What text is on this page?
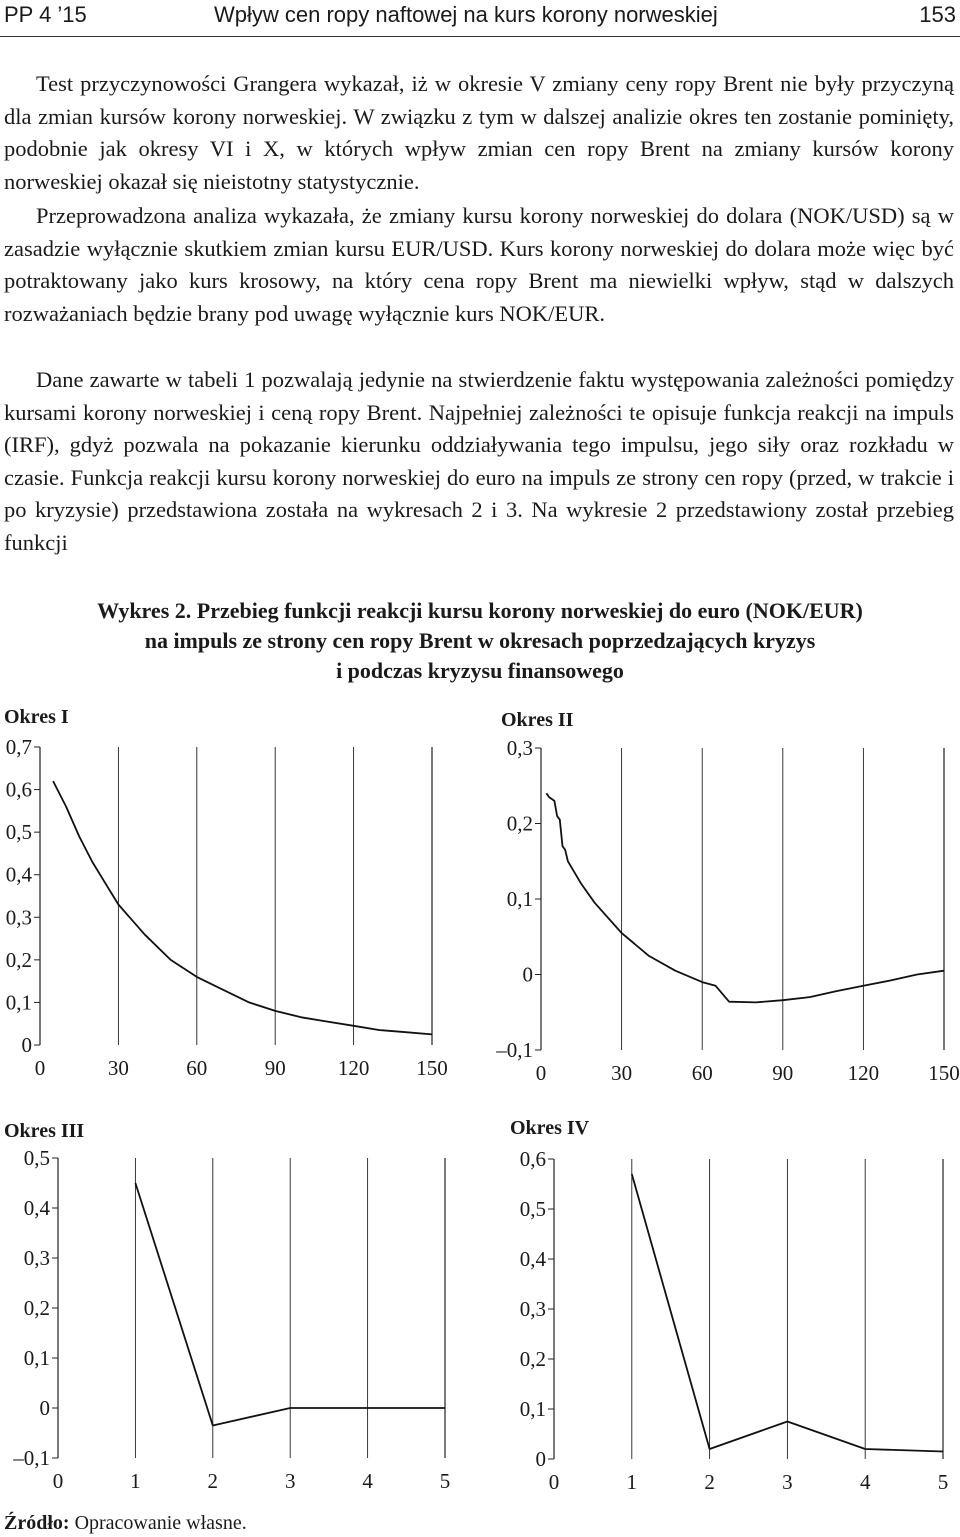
PP 4 ’15	Wpływ cen ropy naftowej na kurs korony norweskiej	153

Test przyczynowości Grangera wykazał, iż w okresie V zmiany ceny ropy Brent nie były przyczyną dla zmian kursów korony norweskiej. W związku z tym w dalszej analizie okres ten zostanie pominięty, podobnie jak okresy VI i X, w których wpływ zmian cen ropy Brent na zmiany kursów korony norweskiej okazał się nieistotny statystycznie.

Przeprowadzona analiza wykazała, że zmiany kursu korony norweskiej do dolara (NOK/USD) są w zasadzie wyłącznie skutkiem zmian kursu EUR/USD. Kurs korony norweskiej do dolara może więc być potraktowany jako kurs krosowy, na który cena ropy Brent ma niewielki wpływ, stąd w dalszych rozważaniach będzie brany pod uwagę wyłącznie kurs NOK/EUR.

Dane zawarte w tabeli 1 pozwalają jedynie na stwierdzenie faktu występowania zależności pomiędzy kursami korony norweskiej i ceną ropy Brent. Najpełniej zależności te opisuje funkcja reakcji na impuls (IRF), gdyż pozwala na pokazanie kierunku oddziaływania tego impulsu, jego siły oraz rozkładu w czasie. Funkcja reakcji kursu korony norweskiej do euro na impuls ze strony cen ropy (przed, w trakcie i po kryzysie) przedstawiona została na wykresach 2 i 3. Na wykresie 2 przedstawiony został przebieg funkcji

Wykres 2. Przebieg funkcji reakcji kursu korony norweskiej do euro (NOK/EUR)
na impuls ze strony cen ropy Brent w okresach poprzedzających kryzys
i podczas kryzysu finansowego
Okres I
0	30	60	90 120 150
0
0,1
0,2
0,3
0,4
0,5
0,6
0,7
Okres II
0	30	60	90	120 150
–0,1
0
0,1
0,2
0,3
Okres III
0	1	2	3	4	5
–0,1
0
0,1
0,2
0,3
0,4
0,5
Okres IV
0	1	2	3	4	5
0
0,1
0,2
0,3
0,4
0,5
0,6
Źródło: Opracowanie własne.
